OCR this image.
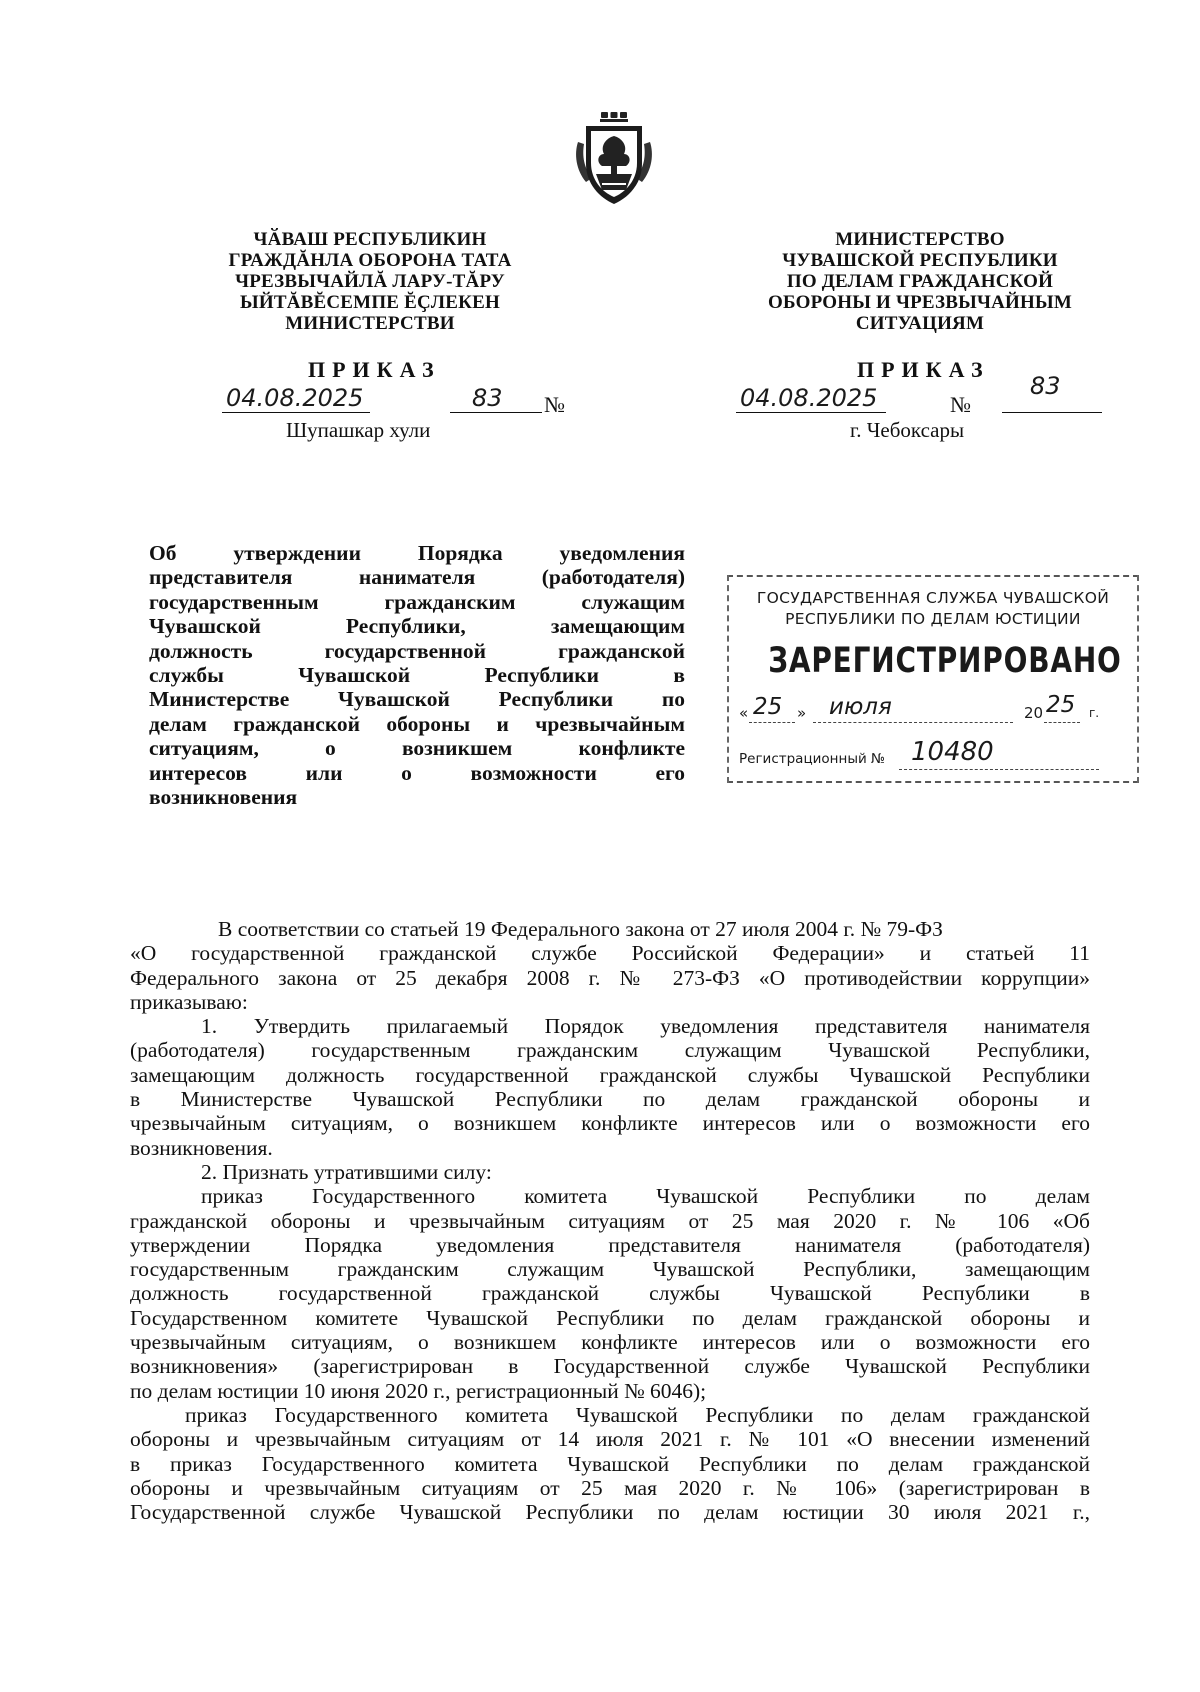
ЧӐВАШ РЕСПУБЛИКИН
ГРАЖДĂНЛА ОБОРОНА ТАТА
ЧРЕЗВЫЧАЙЛĂ ЛАРУ-ТĂРУ
ЫЙТĂВĔСЕМПЕ ĔҪЛЕКЕН
МИНИСТЕРСТВИ
МИНИСТЕРСТВО
ЧУВАШСКОЙ РЕСПУБЛИКИ
ПО ДЕЛАМ ГРАЖДАНСКОЙ
ОБОРОНЫ И ЧРЕЗВЫЧАЙНЫМ
СИТУАЦИЯМ
ПРИКАЗ
04.08.2025	83 №
Шупашкар хули
ПРИКАЗ
04.08.2025	№
83
г. Чебоксары
Об утверждении Порядка уведомления
представителя нанимателя (работодателя)
государственным гражданским служащим
Чувашской Республики, замещающим
должность государственной гражданской
службы Чувашской Республики в
Министерстве Чувашской Республики по
делам гражданской обороны и чрезвычайным
ситуациям, о возникшем конфликте
интересов или о возможности его
возникновения
ГОСУДАРСТВЕННАЯ СЛУЖБА ЧУВАШСКОЙ
РЕСПУБЛИКИ ПО ДЕЛАМ ЮСТИЦИИ
ЗАРЕГИСТРИРОВАНО
« 25 » июля	20 25 г.
Регистрационный № 10480
В соответствии со статьей 19 Федерального закона от 27 июля 2004 г. № 79-ФЗ
«О государственной гражданской службе Российской Федерации» и статьей 11
Федерального закона от 25 декабря 2008 г. № 273-ФЗ «О противодействии коррупции»
приказываю:
1. Утвердить прилагаемый Порядок уведомления представителя нанимателя
(работодателя) государственным гражданским служащим Чувашской Республики,
замещающим должность государственной гражданской службы Чувашской Республики
в Министерстве Чувашской Республики по делам гражданской обороны и
чрезвычайным ситуациям, о возникшем конфликте интересов или о возможности его
возникновения.
2. Признать утратившими силу:
приказ Государственного комитета Чувашской Республики по делам
гражданской обороны и чрезвычайным ситуациям от 25 мая 2020 г. № 106 «Об
утверждении Порядка уведомления представителя нанимателя (работодателя)
государственным гражданским служащим Чувашской Республики, замещающим
должность государственной гражданской службы Чувашской Республики в
Государственном комитете Чувашской Республики по делам гражданской обороны и
чрезвычайным ситуациям, о возникшем конфликте интересов или о возможности его
возникновения» (зарегистрирован в Государственной службе Чувашской Республики
по делам юстиции 10 июня 2020 г., регистрационный № 6046);
приказ Государственного комитета Чувашской Республики по делам гражданской
обороны и чрезвычайным ситуациям от 14 июля 2021 г. № 101 «О внесении изменений
в приказ Государственного комитета Чувашской Республики по делам гражданской
обороны и чрезвычайным ситуациям от 25 мая 2020 г. № 106» (зарегистрирован в
Государственной службе Чувашской Республики по делам юстиции 30 июля 2021 г.,
